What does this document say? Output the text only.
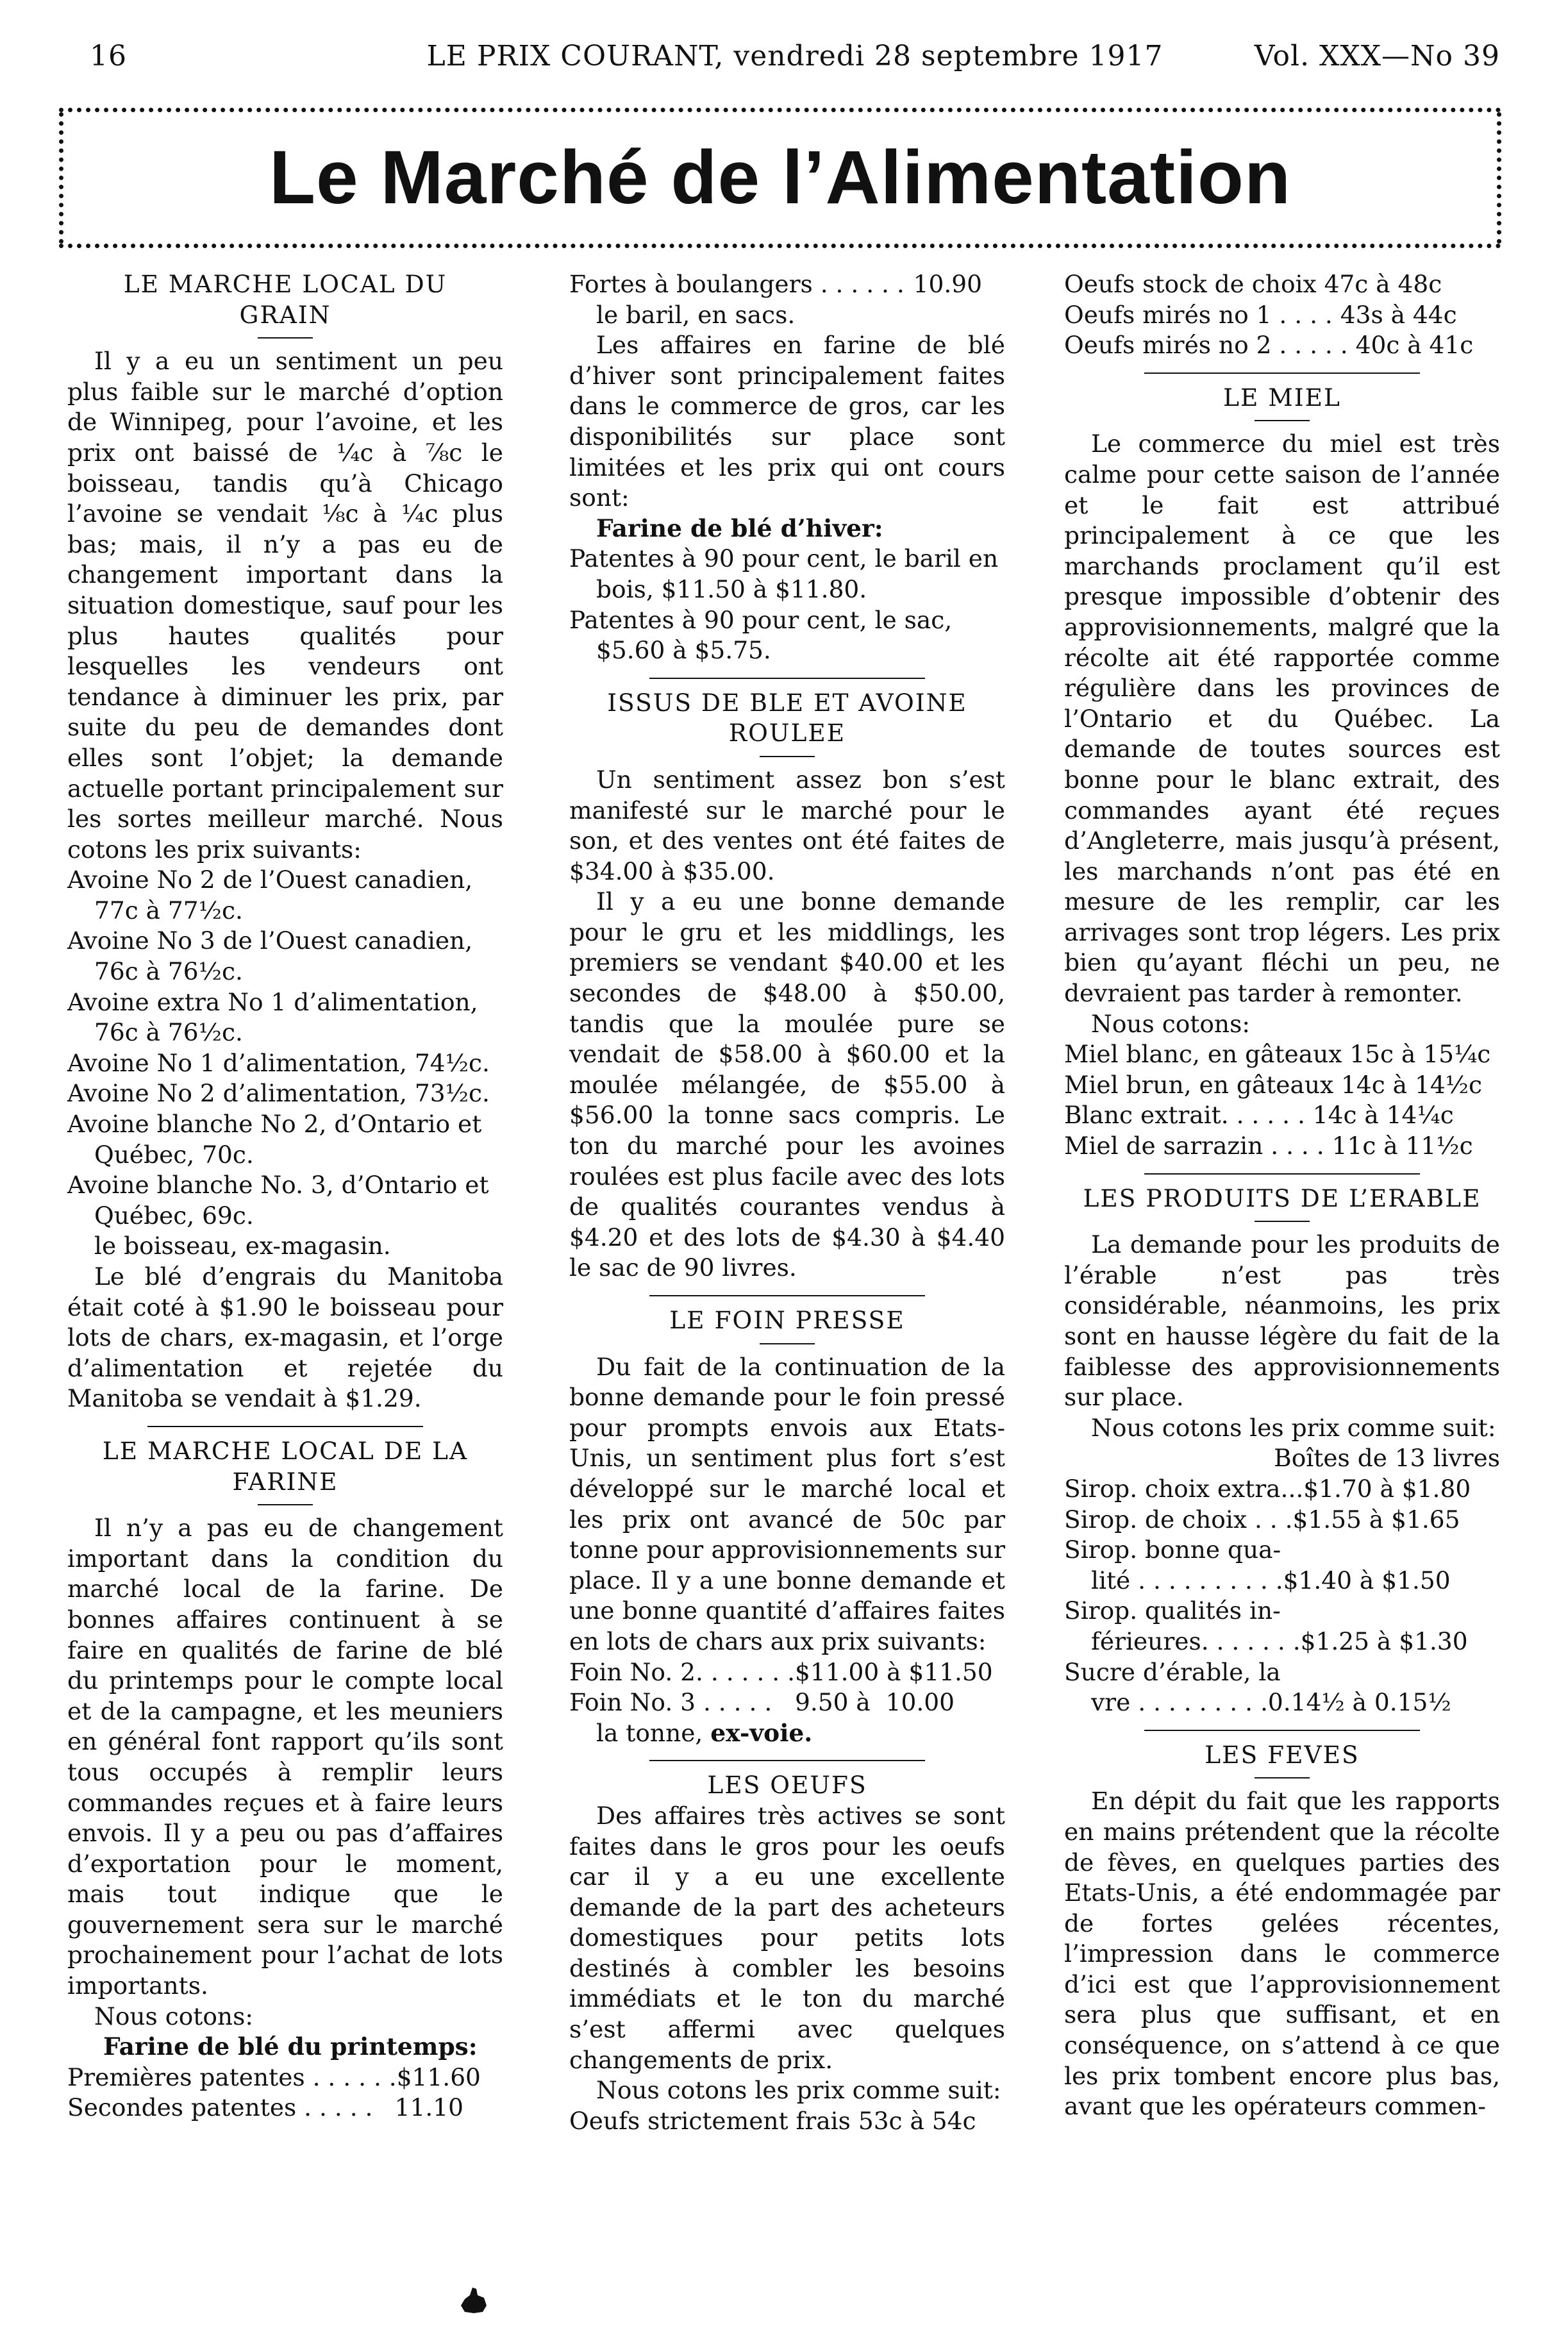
16	LE PRIX COURANT, vendredi 28 septembre 1917	Vol. XXX—No 39
Le Marché de l’Alimentation
LE MARCHE LOCAL DU
GRAIN

Il y a eu un sentiment un peu plus faible sur le marché d’option de Winnipeg, pour l’avoine, et les prix ont baissé de ¼c à ⅞c le boisseau, tandis qu’à Chicago l’avoine se vendait ⅛c à ¼c plus bas; mais, il n’y a pas eu de changement important dans la situation domestique, sauf pour les plus hautes qualités pour lesquelles les vendeurs ont tendance à diminuer les prix, par suite du peu de demandes dont elles sont l’objet; la demande actuelle portant principalement sur les sortes meilleur marché. Nous cotons les prix suivants:

Avoine No 2 de l’Ouest canadien, 77c à 77½c.
Avoine No 3 de l’Ouest canadien, 76c à 76½c.
Avoine extra No 1 d’alimentation, 76c à 76½c.
Avoine No 1 d’alimentation, 74½c.
Avoine No 2 d’alimentation, 73½c.
Avoine blanche No 2, d’Ontario et Québec, 70c.
Avoine blanche No. 3, d’Ontario et Québec, 69c.
le boisseau, ex-magasin.

Le blé d’engrais du Manitoba était coté à $1.90 le boisseau pour lots de chars, ex-magasin, et l’orge d’alimentation et rejetée du Manitoba se vendait à $1.29.

LE MARCHE LOCAL DE LA
FARINE

Il n’y a pas eu de changement important dans la condition du marché local de la farine. De bonnes affaires continuent à se faire en qualités de farine de blé du printemps pour le compte local et de la campagne, et les meuniers en général font rapport qu’ils sont tous occupés à remplir leurs commandes reçues et à faire leurs envois. Il y a peu ou pas d’affaires d’exportation pour le moment, mais tout indique que le gouvernement sera sur le marché prochainement pour l’achat de lots importants.

Nous cotons:
Farine de blé du printemps:
Premières patentes . . . . . . $11.60
Secondes patentes . . . . . 11.10
Fortes à boulangers . . . . . . 10.90
le baril, en sacs.

Les affaires en farine de blé d’hiver sont principalement faites dans le commerce de gros, car les disponibilités sur place sont limitées et les prix qui ont cours sont:

Farine de blé d’hiver:
Patentes à 90 pour cent, le baril en bois, $11.50 à $11.80.
Patentes à 90 pour cent, le sac, $5.60 à $5.75.
ISSUS DE BLE ET AVOINE
ROULEE

Un sentiment assez bon s’est manifesté sur le marché pour le son, et des ventes ont été faites de $34.00 à $35.00.

Il y a eu une bonne demande pour le gru et les middlings, les premiers se vendant $40.00 et les secondes de $48.00 à $50.00, tandis que la moulée pure se vendait de $58.00 à $60.00 et la moulée mélangée, de $55.00 à $56.00 la tonne sacs compris. Le ton du marché pour les avoines roulées est plus facile avec des lots de qualités courantes vendus à $4.20 et des lots de $4.30 à $4.40 le sac de 90 livres.

LE FOIN PRESSE

Du fait de la continuation de la bonne demande pour le foin pressé pour prompts envois aux Etats-Unis, un sentiment plus fort s’est développé sur le marché local et les prix ont avancé de 50c par tonne pour approvisionnements sur place. Il y a une bonne demande et une bonne quantité d’affaires faites en lots de chars aux prix suivants:

Foin No. 2. . . . . . .$11.00 à $11.50
Foin No. 3 . . . . .   9.50 à  10.00
la tonne, ex-voie.
LES OEUFS

Des affaires très actives se sont faites dans le gros pour les oeufs car il y a eu une excellente demande de la part des acheteurs domestiques pour petits lots destinés à combler les besoins immédiats et le ton du marché s’est affermi avec quelques changements de prix.

Nous cotons les prix comme suit:

Oeufs strictement frais 53c à 54c
Oeufs stock de choix 47c à 48c
Oeufs mirés no 1 . . . . 43s à 44c
Oeufs mirés no 2 . . . . . 40c à 41c
LE MIEL

Le commerce du miel est très calme pour cette saison de l’année et le fait est attribué principalement à ce que les marchands proclament qu’il est presque impossible d’obtenir des approvisionnements, malgré que la récolte ait été rapportée comme régulière dans les provinces de l’Ontario et du Québec. La demande de toutes sources est bonne pour le blanc extrait, des commandes ayant été reçues d’Angleterre, mais jusqu’à présent, les marchands n’ont pas été en mesure de les remplir, car les arrivages sont trop légers. Les prix bien qu’ayant fléchi un peu, ne devraient pas tarder à remonter.

Nous cotons:
Miel blanc, en gâteaux 15c à 15¼c
Miel brun, en gâteaux 14c à 14½c
Blanc extrait. . . . . . 14c à 14¼c
Miel de sarrazin . . . . 11c à 11½c
LES PRODUITS DE L’ERABLE

La demande pour les produits de l’érable n’est pas très considérable, néanmoins, les prix sont en hausse légère du fait de la faiblesse des approvisionnements sur place.

Nous cotons les prix comme suit:

Boîtes de 13 livres
Sirop. choix extra...$1.70 à $1.80
Sirop. de choix . . .$1.55 à $1.65
Sirop. bonne qua-
lité . . . . . . . . . .$1.40 à $1.50
Sirop. qualités in-
férieures. . . . . . .$1.25 à $1.30
Sucre d’érable, la
vre . . . . . . . . .0.14½ à 0.15½
LES FEVES

En dépit du fait que les rapports en mains prétendent que la récolte de fèves, en quelques parties des Etats-Unis, a été endommagée par de fortes gelées récentes, l’impression dans le commerce d’ici est que l’approvisionnement sera plus que suffisant, et en conséquence, on s’attend à ce que les prix tombent encore plus bas, avant que les opérateurs commen-
